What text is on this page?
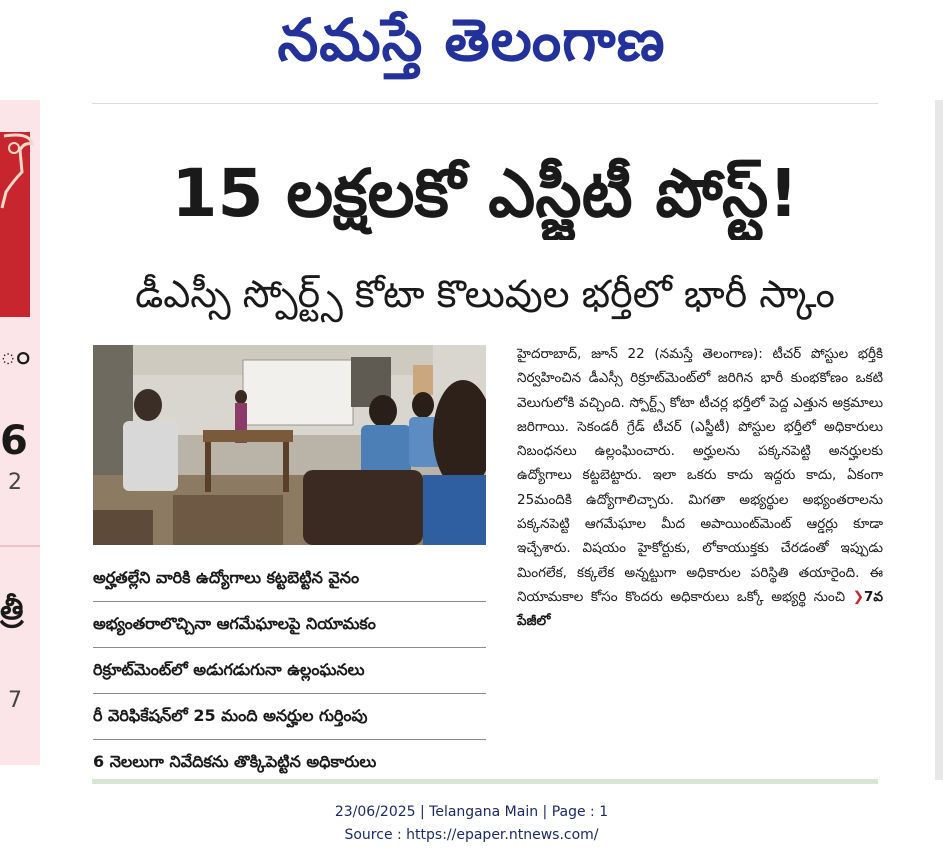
నమస్తే తెలంగాణ
ం
6
2
త్రీ
7
15 లక్షలకో ఎస్జీటీ పోస్ట్!
డీఎస్సీ స్పోర్ట్స్ కోటా కొలువుల భర్తీలో భారీ స్కాం
అర్హతల్లేని వారికి ఉద్యోగాలు కట్టబెట్టిన వైనం
అభ్యంతరాలొచ్చినా ఆగమేఘాలపై నియామకం
రిక్రూట్‌మెంట్‌లో అడుగడుగునా ఉల్లంఘనలు
రీ వెరిఫికేషన్‌లో 25 మంది అనర్హుల గుర్తింపు
6 నెలలుగా నివేదికను తొక్కిపెట్టిన అధికారులు

హైదరాబాద్, జూన్ 22 (నమస్తే తెలంగాణ): టీచర్ పోస్టుల భర్తీకి నిర్వహించిన డీఎస్సీ రిక్రూట్‌మెంట్‌లో జరిగిన భారీ కుంభకోణం ఒకటి వెలుగులోకి వచ్చింది. స్పోర్ట్స్ కోటా టీచర్ల భర్తీలో పెద్ద ఎత్తున అక్రమాలు జరిగాయి. సెకండరీ గ్రేడ్ టీచర్ (ఎస్జీటీ) పోస్టుల భర్తీలో అధికారులు నిబంధనలు ఉల్లంఘించారు. అర్హులను పక్కనపెట్టి అనర్హులకు ఉద్యోగాలు కట్టబెట్టారు. ఇలా ఒకరు కాదు ఇద్దరు కాదు, ఏకంగా 25మందికి ఉద్యోగాలిచ్చారు. మిగతా అభ్యర్థుల అభ్యంతరాలను పక్కనపెట్టి ఆగమేఘాల మీద అపాయింట్‌మెంట్ ఆర్డర్లు కూడా ఇచ్చేశారు. విషయం హైకోర్టుకు, లోకాయుక్తకు చేరడంతో ఇప్పుడు మింగలేక, కక్కలేక అన్నట్టుగా అధికారుల పరిస్థితి తయారైంది. ఈ నియామకాల కోసం కొందరు అధికారులు ఒక్కో అభ్యర్థి నుంచి ❯7వ పేజీలో

23/06/2025 | Telangana Main | Page : 1
Source : https://epaper.ntnews.com/
